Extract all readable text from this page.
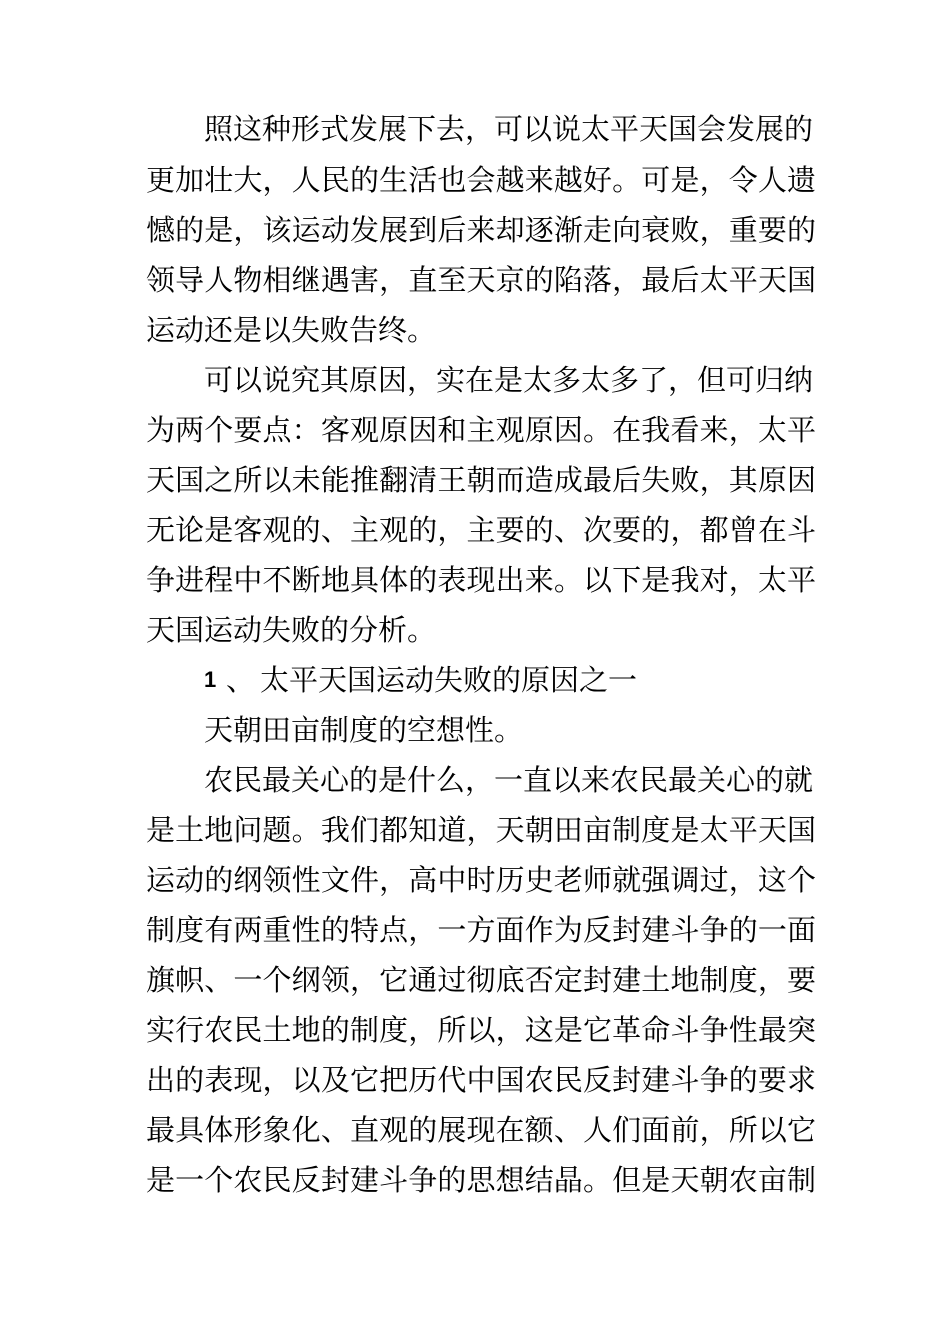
照这种形式发展下去，可以说太平天国会发展的
更加壮大，人民的生活也会越来越好。可是，令人遗
憾的是，该运动发展到后来却逐渐走向衰败，重要的
领导人物相继遇害，直至天京的陷落，最后太平天国
运动还是以失败告终。
可以说究其原因，实在是太多太多了，但可归纳
为两个要点：客观原因和主观原因。在我看来，太平
天国之所以未能推翻清王朝而造成最后失败，其原因
无论是客观的、主观的，主要的、次要的，都曾在斗
争进程中不断地具体的表现出来。以下是我对，太平
天国运动失败的分析。
1 、 太平天国运动失败的原因之一
天朝田亩制度的空想性。
农民最关心的是什么，一直以来农民最关心的就
是土地问题。我们都知道，天朝田亩制度是太平天国
运动的纲领性文件，高中时历史老师就强调过，这个
制度有两重性的特点，一方面作为反封建斗争的一面
旗帜、一个纲领，它通过彻底否定封建土地制度，要
实行农民土地的制度，所以，这是它革命斗争性最突
出的表现，以及它把历代中国农民反封建斗争的要求
最具体形象化、直观的展现在额、人们面前，所以它
是一个农民反封建斗争的思想结晶。但是天朝农亩制
